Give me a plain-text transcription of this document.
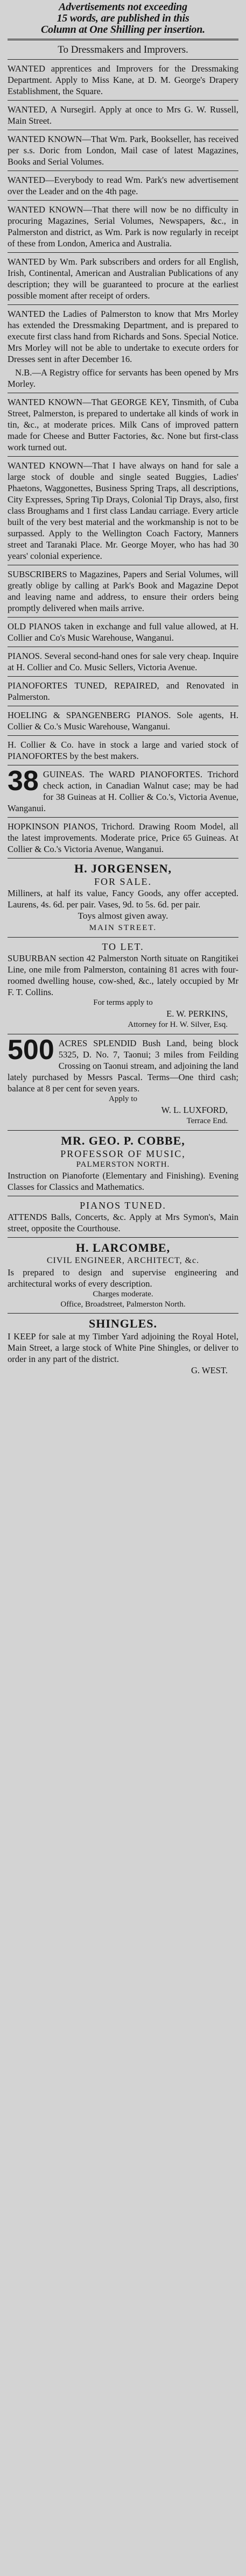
Advertisements not exceeding
15 words, are published in this
Column at One Shilling per insertion.

To Dressmakers and Improvers.

WANTED apprentices and Improvers for the Dressmaking Department. Apply to Miss Kane, at D. M. George's Drapery Establishment, the Square.

WANTED, A Nursegirl. Apply at once to Mrs G. W. Russell, Main Street.

WANTED KNOWN—That Wm. Park, Bookseller, has received per s.s. Doric from London, Mail case of latest Magazines, Books and Serial Volumes.

WANTED—Everybody to read Wm. Park's new advertisement over the Leader and on the 4th page.

WANTED KNOWN—That there will now be no difficulty in procuring Magazines, Serial Volumes, Newspapers, &c., in Palmerston and district, as Wm. Park is now regularly in receipt of these from London, America and Australia.

WANTED by Wm. Park subscribers and orders for all English, Irish, Continental, American and Australian Publications of any description; they will be guaranteed to procure at the earliest possible moment after receipt of orders.

WANTED the Ladies of Palmerston to know that Mrs Morley has extended the Dressmaking Department, and is prepared to execute first class hand from Richards and Sons. Special Notice. Mrs Morley will not be able to undertake to execute orders for Dresses sent in after December 16.

N.B.—A Registry office for servants has been opened by Mrs Morley.

WANTED KNOWN—That GEORGE KEY, Tinsmith, of Cuba Street, Palmerston, is prepared to undertake all kinds of work in tin, &c., at moderate prices. Milk Cans of improved pattern made for Cheese and Butter Factories, &c. None but first-class work turned out.

WANTED KNOWN—That I have always on hand for sale a large stock of double and single seated Buggies, Ladies' Phaetons, Waggonettes, Business Spring Traps, all descriptions, City Expresses, Spring Tip Drays, Colonial Tip Drays, also, first class Broughams and 1 first class Landau carriage. Every article built of the very best material and the workmanship is not to be surpassed. Apply to the Wellington Coach Factory, Manners street and Taranaki Place. Mr. George Moyer, who has had 30 years' colonial experience.

SUBSCRIBERS to Magazines, Papers and Serial Volumes, will greatly oblige by calling at Park's Book and Magazine Depot and leaving name and address, to ensure their orders being promptly delivered when mails arrive.

OLD PIANOS taken in exchange and full value allowed, at H. Collier and Co's Music Warehouse, Wanganui.

PIANOS. Several second-hand ones for sale very cheap. Inquire at H. Collier and Co. Music Sellers, Victoria Avenue.

PIANOFORTES TUNED, REPAIRED, and Renovated in Palmerston.

HOELING & SPANGENBERG PIANOS. Sole agents, H. Collier & Co.'s Music Warehouse, Wanganui.

H. Collier & Co. have in stock a large and varied stock of PIANOFORTES by the best makers.

38 GUINEAS. The WARD PIANOFORTES. Trichord check action, in Canadian Walnut case; may be had for 38 Guineas at H. Collier & Co.'s, Victoria Avenue, Wanganui.

HOPKINSON PIANOS, Trichord. Drawing Room Model, all the latest improvements. Moderate price, Price 65 Guineas. At Collier & Co.'s Victoria Avenue, Wanganui.

H. JORGENSEN,
FOR SALE.

Milliners, at half its value, Fancy Goods, any offer accepted. Laurens, 4s. 6d. per pair. Vases, 9d. to 5s. 6d. per pair.

Toys almost given away.
MAIN STREET.
TO LET.

SUBURBAN section 42 Palmerston North situate on Rangitikei Line, one mile from Palmerston, containing 81 acres with four-roomed dwelling house, cow-shed, &c., lately occupied by Mr F. T. Collins.

For terms apply to
E. W. PERKINS,
Attorney for H. W. Silver, Esq.
500 ACRES SPLENDID Bush Land, being block 5325, D. No. 7, Taonui; 3 miles from Feilding Crossing on Taonui stream, and adjoining the land lately purchased by Messrs Pascal. Terms—One third cash; balance at 8 per cent for seven years.

Apply to
W. L. LUXFORD,
Terrace End.
MR. GEO. P. COBBE,
PROFESSOR OF MUSIC,
PALMERSTON NORTH.

Instruction on Pianoforte (Elementary and Finishing). Evening Classes for Classics and Mathematics.

PIANOS TUNED.

ATTENDS Balls, Concerts, &c. Apply at Mrs Symon's, Main street, opposite the Courthouse.

H. LARCOMBE,
CIVIL ENGINEER, ARCHITECT, &c.

Is prepared to design and supervise engineering and architectural works of every description.

Charges moderate.
Office, Broadstreet, Palmerston North.
SHINGLES.

I KEEP for sale at my Timber Yard adjoining the Royal Hotel, Main Street, a large stock of White Pine Shingles, or deliver to order in any part of the district.

G. WEST.
